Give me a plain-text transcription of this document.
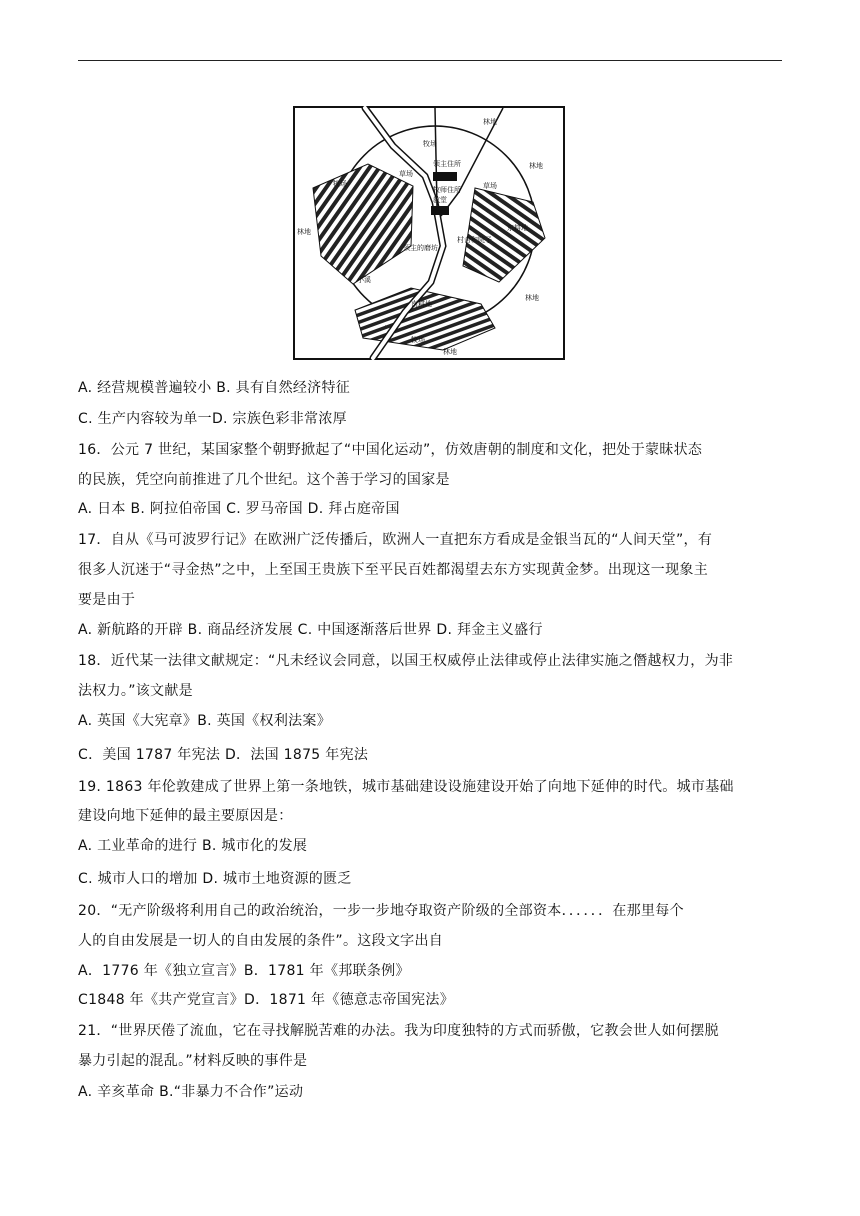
林地
林地
林地
林地
林地
牧场
牧场
牧场
草场
草场
领主住所
牧师住所
教堂
村舍和院子
领主的磨坊
小溪
南耕地
东耕地
A. 经营规模普遍较小 B. 具有自然经济特征
C. 生产内容较为单一D. 宗族色彩非常浓厚
16．公元 7 世纪，某国家整个朝野掀起了“中国化运动”，仿效唐朝的制度和文化，把处于蒙昧状态
的民族，凭空向前推进了几个世纪。这个善于学习的国家是
A. 日本 B. 阿拉伯帝国 C. 罗马帝国 D. 拜占庭帝国
17．自从《马可波罗行记》在欧洲广泛传播后，欧洲人一直把东方看成是金银当瓦的“人间天堂”，有
很多人沉迷于“寻金热”之中，上至国王贵族下至平民百姓都渴望去东方实现黄金梦。出现这一现象主
要是由于
A. 新航路的开辟 B. 商品经济发展 C. 中国逐渐落后世界 D. 拜金主义盛行
18．近代某一法律文献规定：“凡未经议会同意，以国王权威停止法律或停止法律实施之僭越权力，为非
法权力。”该文献是
A. 英国《大宪章》B. 英国《权利法案》
C．美国 1787 年宪法 D．法国 1875 年宪法
19. 1863 年伦敦建成了世界上第一条地铁，城市基础建设设施建设开始了向地下延伸的时代。城市基础
建设向地下延伸的最主要原因是：
A. 工业革命的进行 B. 城市化的发展
C. 城市人口的增加 D. 城市土地资源的匮乏
20．“无产阶级将利用自己的政治统治，一步一步地夺取资产阶级的全部资本．．．．．．在那里每个
人的自由发展是一切人的自由发展的条件”。这段文字出自
A．1776 年《独立宣言》B．1781 年《邦联条例》
C1848 年《共产党宣言》D．1871 年《德意志帝国宪法》
21．“世界厌倦了流血，它在寻找解脱苦难的办法。我为印度独特的方式而骄傲，它教会世人如何摆脱
暴力引起的混乱。”材料反映的事件是
A. 辛亥革命 B.“非暴力不合作”运动
